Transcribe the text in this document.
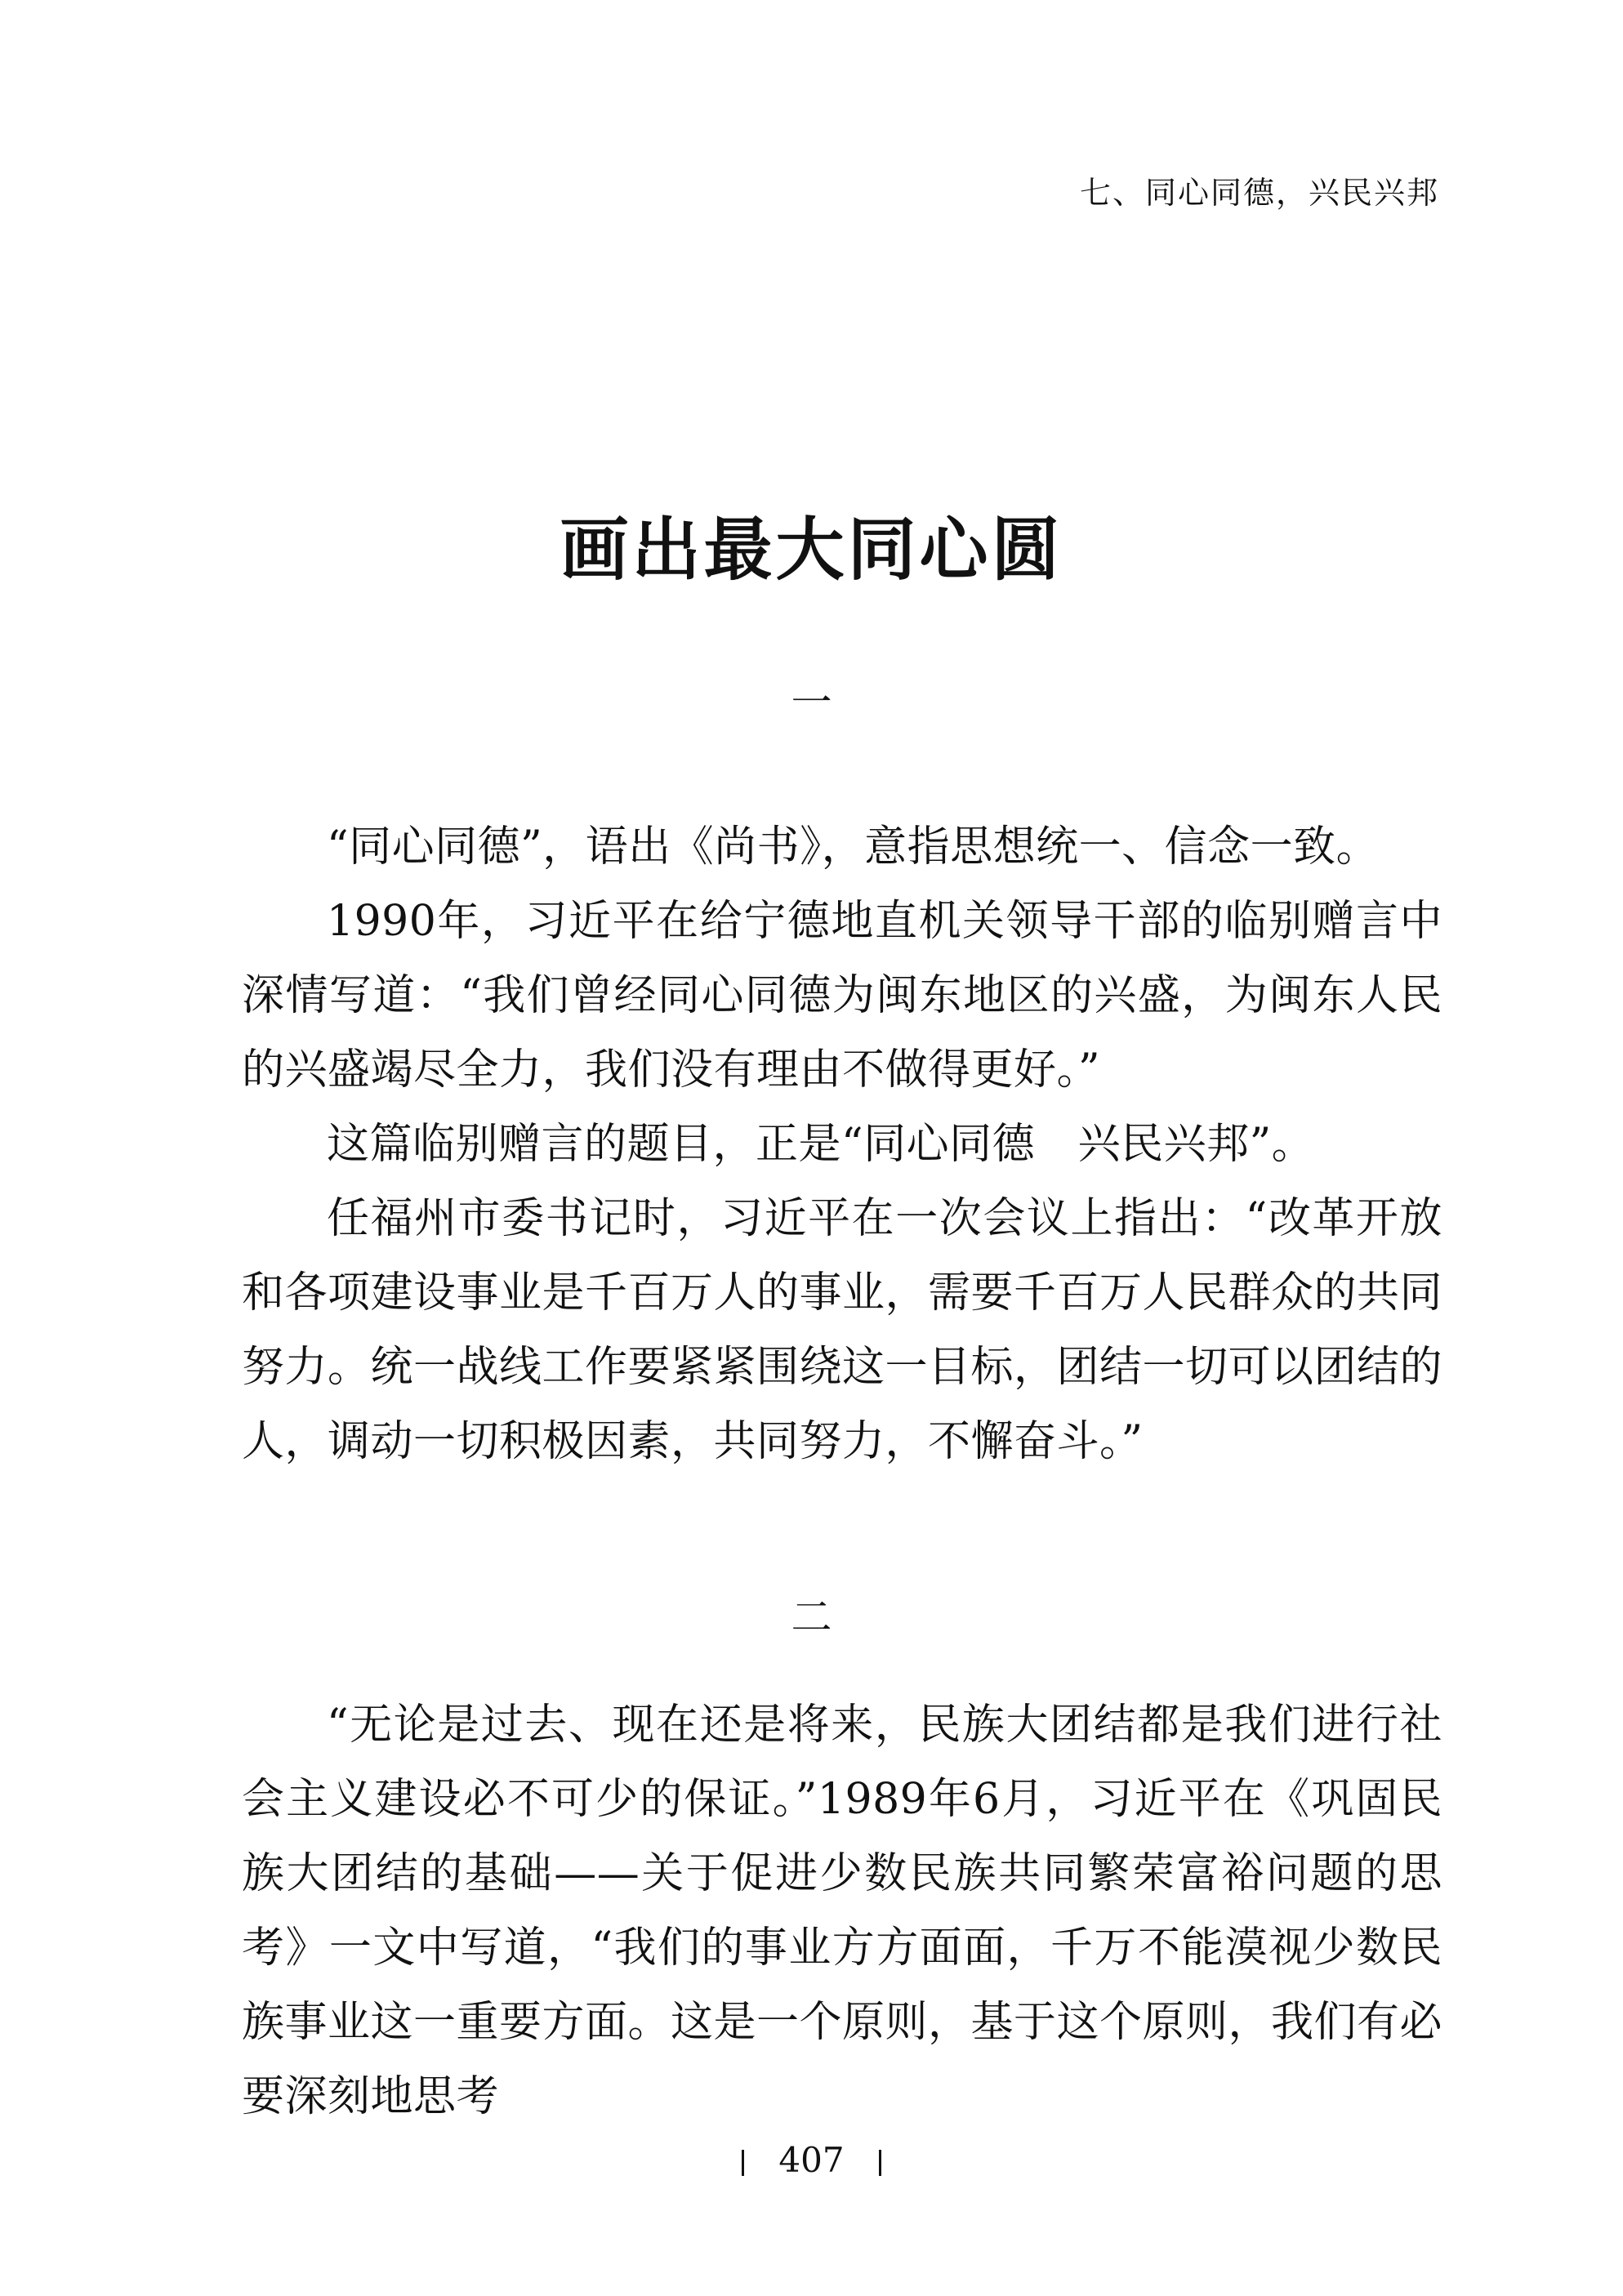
七、同心同德，兴民兴邦
画出最大同心圆
一

“同心同德”，语出《尚书》，意指思想统一、信念一致。

1990年，习近平在给宁德地直机关领导干部的临别赠言中深情写道：“我们曾经同心同德为闽东地区的兴盛，为闽东人民的兴盛竭尽全力，我们没有理由不做得更好。”

这篇临别赠言的题目，正是“同心同德　兴民兴邦”。

任福州市委书记时，习近平在一次会议上指出：“改革开放和各项建设事业是千百万人的事业，需要千百万人民群众的共同努力。统一战线工作要紧紧围绕这一目标，团结一切可以团结的人，调动一切积极因素，共同努力，不懈奋斗。”

二

“无论是过去、现在还是将来，民族大团结都是我们进行社会主义建设必不可少的保证。”1989年6月，习近平在《巩固民族大团结的基础——关于促进少数民族共同繁荣富裕问题的思考》一文中写道，“我们的事业方方面面，千万不能漠视少数民族事业这一重要方面。这是一个原则，基于这个原则，我们有必要深刻地思考

407
